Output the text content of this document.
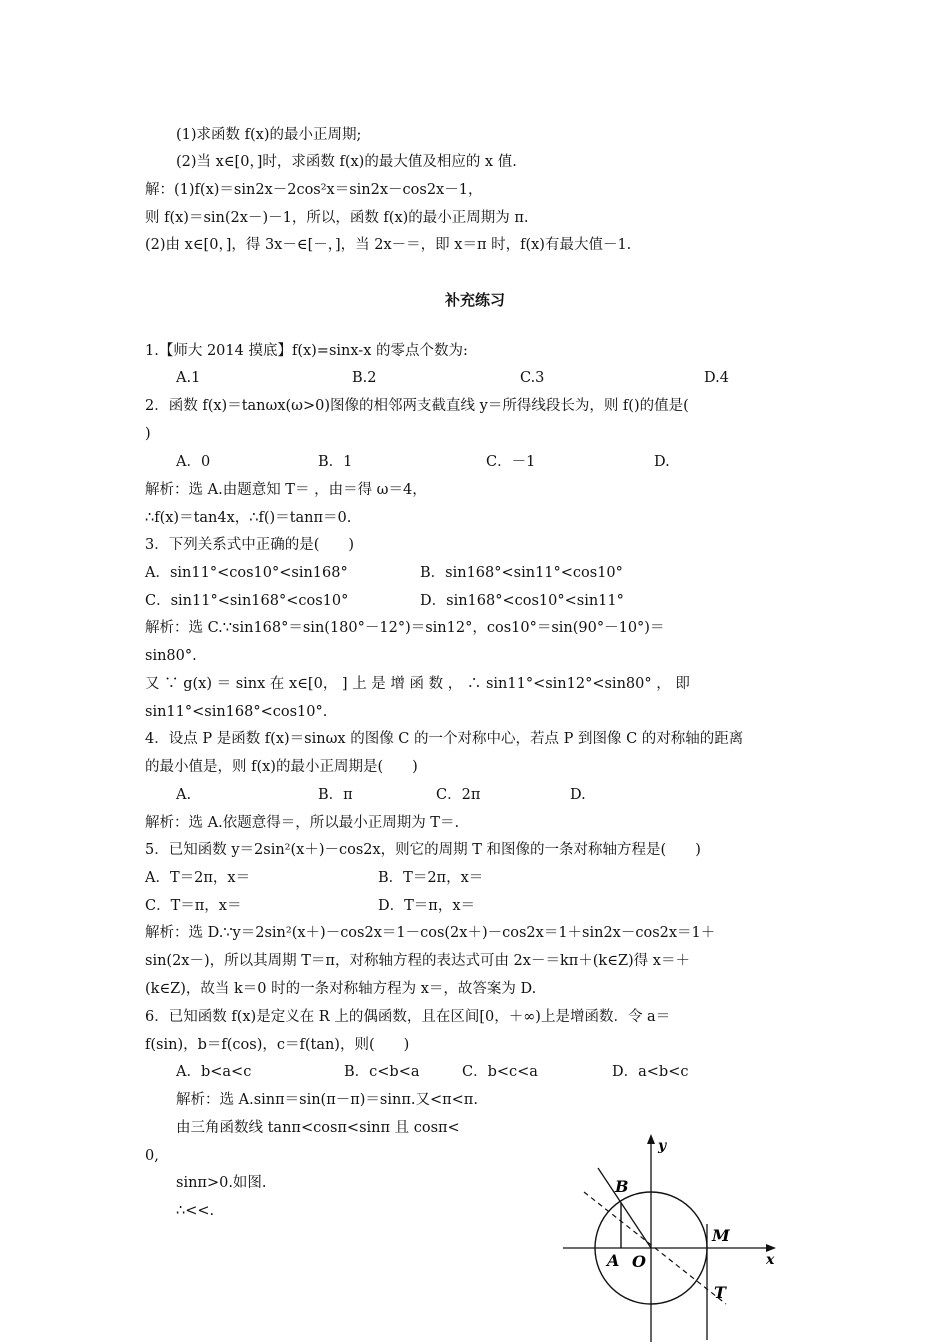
(1)求函数 f(x)的最小正周期;
(2)当 x∈[0，]时，求函数 f(x)的最大值及相应的 x 值.
解：(1)f(x)＝sin2x－2cos²x＝sin2x－cos2x－1，
则 f(x)＝sin(2x－)－1，所以，函数 f(x)的最小正周期为 π.
(2)由 x∈[0，]，得 3x－∈[－，]，当 2x－＝，即 x＝π 时，f(x)有最大值－1.
补充练习
1.【师大 2014 摸底】f(x)=sinx-x 的零点个数为:
A.1	B.2	C.3	D.4
2．函数 f(x)＝tanωx(ω>0)图像的相邻两支截直线 y＝所得线段长为，则 f()的值是(
)
A．0	B．1	C．－1	D.
解析：选 A.由题意知 T＝ ，由＝得 ω＝4，
∴f(x)＝tan4x，∴f()＝tanπ＝0.
3．下列关系式中正确的是(　　)
A．sin11°<cos10°<sin168°	B．sin168°<sin11°<cos10°
C．sin11°<sin168°<cos10°	D．sin168°<cos10°<sin11°
解析：选 C.∵sin168°＝sin(180°－12°)＝sin12°，cos10°＝sin(90°－10°)＝
sin80°.
又 ∵ g(x) ＝ sinx 在 x∈[0， ] 上 是 增 函 数 ， ∴ sin11°<sin12°<sin80° ， 即
sin11°<sin168°<cos10°.
4．设点 P 是函数 f(x)＝sinωx 的图像 C 的一个对称中心，若点 P 到图像 C 的对称轴的距离
的最小值是，则 f(x)的最小正周期是(　　)
A.	B．π	C．2π	D.
解析：选 A.依题意得＝，所以最小正周期为 T＝.
5．已知函数 y＝2sin²(x＋)－cos2x，则它的周期 T 和图像的一条对称轴方程是(　　)
A．T＝2π，x＝	B．T＝2π，x＝
C．T＝π，x＝	D．T＝π，x＝
解析：选 D.∵y＝2sin²(x＋)－cos2x＝1－cos(2x＋)－cos2x＝1＋sin2x－cos2x＝1＋
sin(2x－)，所以其周期 T＝π，对称轴方程的表达式可由 2x－＝kπ＋(k∈Z)得 x＝＋
(k∈Z)，故当 k＝0 时的一条对称轴方程为 x＝，故答案为 D.
6．已知函数 f(x)是定义在 R 上的偶函数，且在区间[0，＋∞)上是增函数．令 a＝
f(sin)，b＝f(cos)，c＝f(tan)，则(　　)
A．b<a<c	B．c<b<a	C．b<c<a	D．a<b<c
解析：选 A.sinπ＝sin(π－π)＝sinπ.又<π<π.
由三角函数线 tanπ<cosπ<sinπ 且 cosπ<
0,
sinπ>0.如图.
∴<<.
y
x
B
M
A O
T
